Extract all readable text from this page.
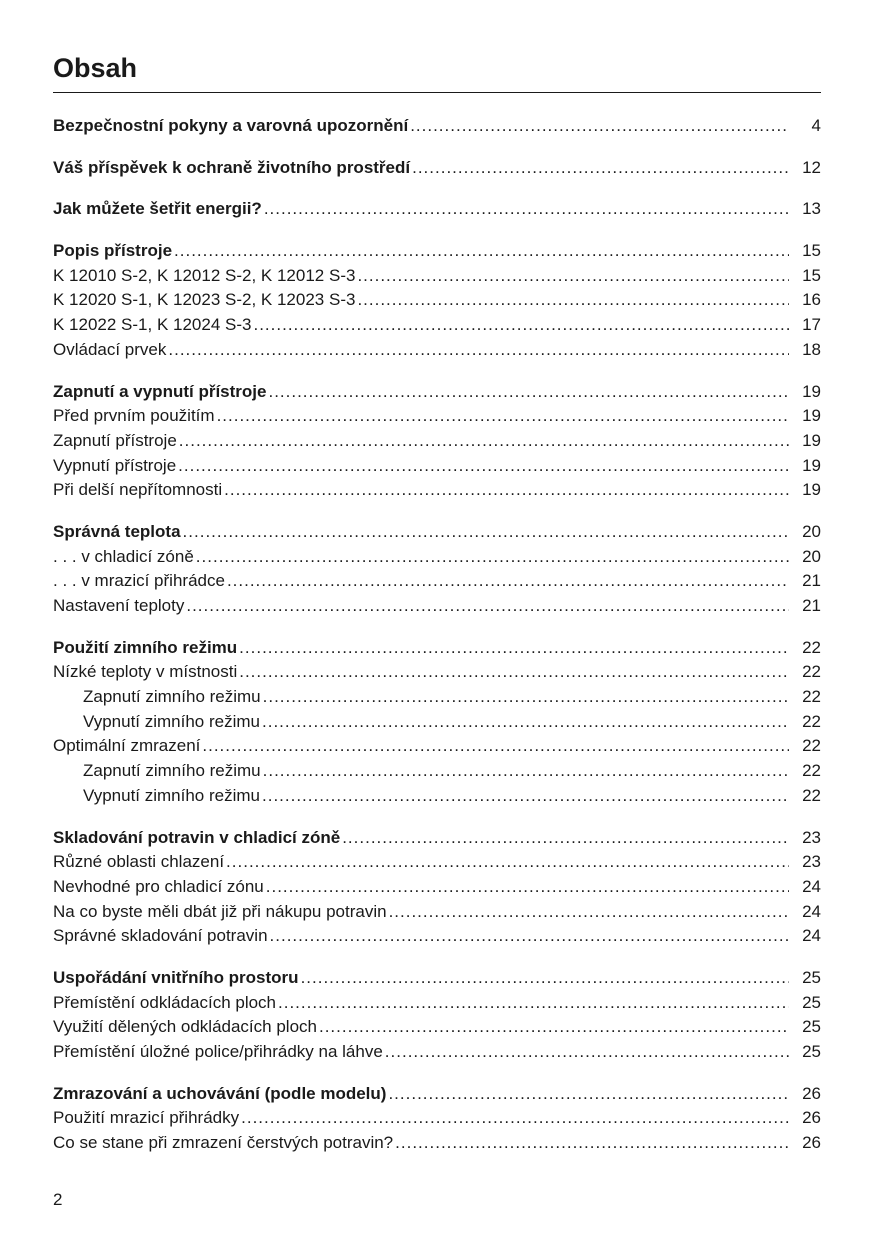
Obsah
Bezpečnostní pokyny a varovná upozornění .....	4
Váš příspěvek k ochraně životního prostředí .....	12
Jak můžete šetřit energii? .....	13
Popis přístroje .....	15
K 12010 S-2, K 12012 S-2, K 12012 S-3 .....	15
K 12020 S-1, K 12023 S-2, K 12023 S-3 .....	16
K 12022 S-1, K 12024 S-3 .....	17
Ovládací prvek .....	18
Zapnutí a vypnutí přístroje .....	19
Před prvním použitím .....	19
Zapnutí přístroje .....	19
Vypnutí přístroje .....	19
Při delší nepřítomnosti .....	19
Správná teplota .....	20
. . . v chladicí zóně .....	20
. . . v mrazicí přihrádce .....	21
Nastavení teploty .....	21
Použití zimního režimu .....	22
Nízké teploty v místnosti .....	22
Zapnutí zimního režimu .....	22
Vypnutí zimního režimu .....	22
Optimální zmrazení .....	22
Zapnutí zimního režimu .....	22
Vypnutí zimního režimu .....	22
Skladování potravin v chladicí zóně .....	23
Různé oblasti chlazení .....	23
Nevhodné pro chladicí zónu .....	24
Na co byste měli dbát již při nákupu potravin .....	24
Správné skladování potravin .....	24
Uspořádání vnitřního prostoru .....	25
Přemístění odkládacích ploch .....	25
Využití dělených odkládacích ploch .....	25
Přemístění úložné police/přihrádky na láhve .....	25
Zmrazování a uchovávání (podle modelu) .....	26
Použití mrazicí přihrádky .....	26
Co se stane při zmrazení čerstvých potravin? .....	26
2
